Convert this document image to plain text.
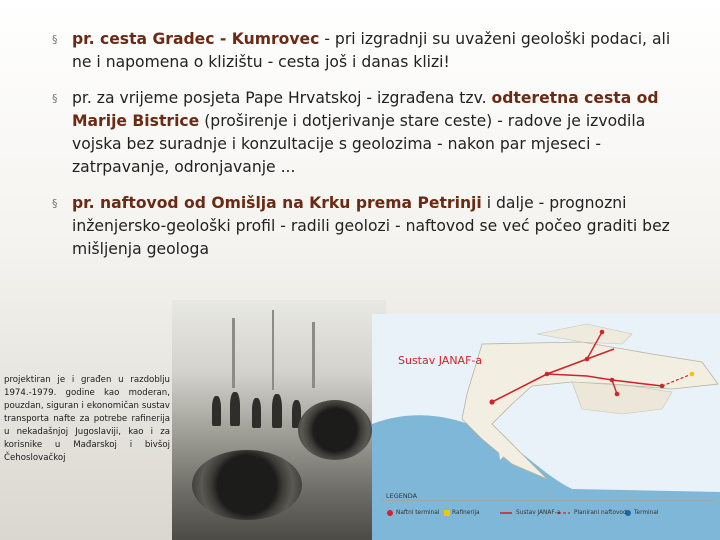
§ pr. cesta Gradec - Kumrovec - pri izgradnji su uvaženi geološki podaci, ali ne i napomena o klizištu - cesta još i danas klizi!
§ pr. za vrijeme posjeta Pape Hrvatskoj - izgrađena tzv. odteretna cesta od Marije Bistrice (proširenje i dotjerivanje stare ceste) - radove je izvodila vojska bez suradnje i konzultacije s geolozima - nakon par mjeseci - zatrpavanje, odronjavanje ...
§ pr. naftovod od Omišlja na Krku prema Petrinji i dalje - prognozni inženjersko-geološki profil - radili geolozi - naftovod se već počeo graditi bez mišljenja geologa
projektiran je i građen u razdoblju 1974.-1979. godine kao moderan, pouzdan, siguran i ekonomičan sustav transporta nafte za potrebe rafinerija u nekadašnjoj Jugoslaviji, kao i za korisnike u Mađarskoj i bivšoj Čehoslovačkoj
Sustav JANAF-a
LEGENDA
Naftni terminal Rafinerija	Sustav JANAF-a Planirani naftovod Terminal
